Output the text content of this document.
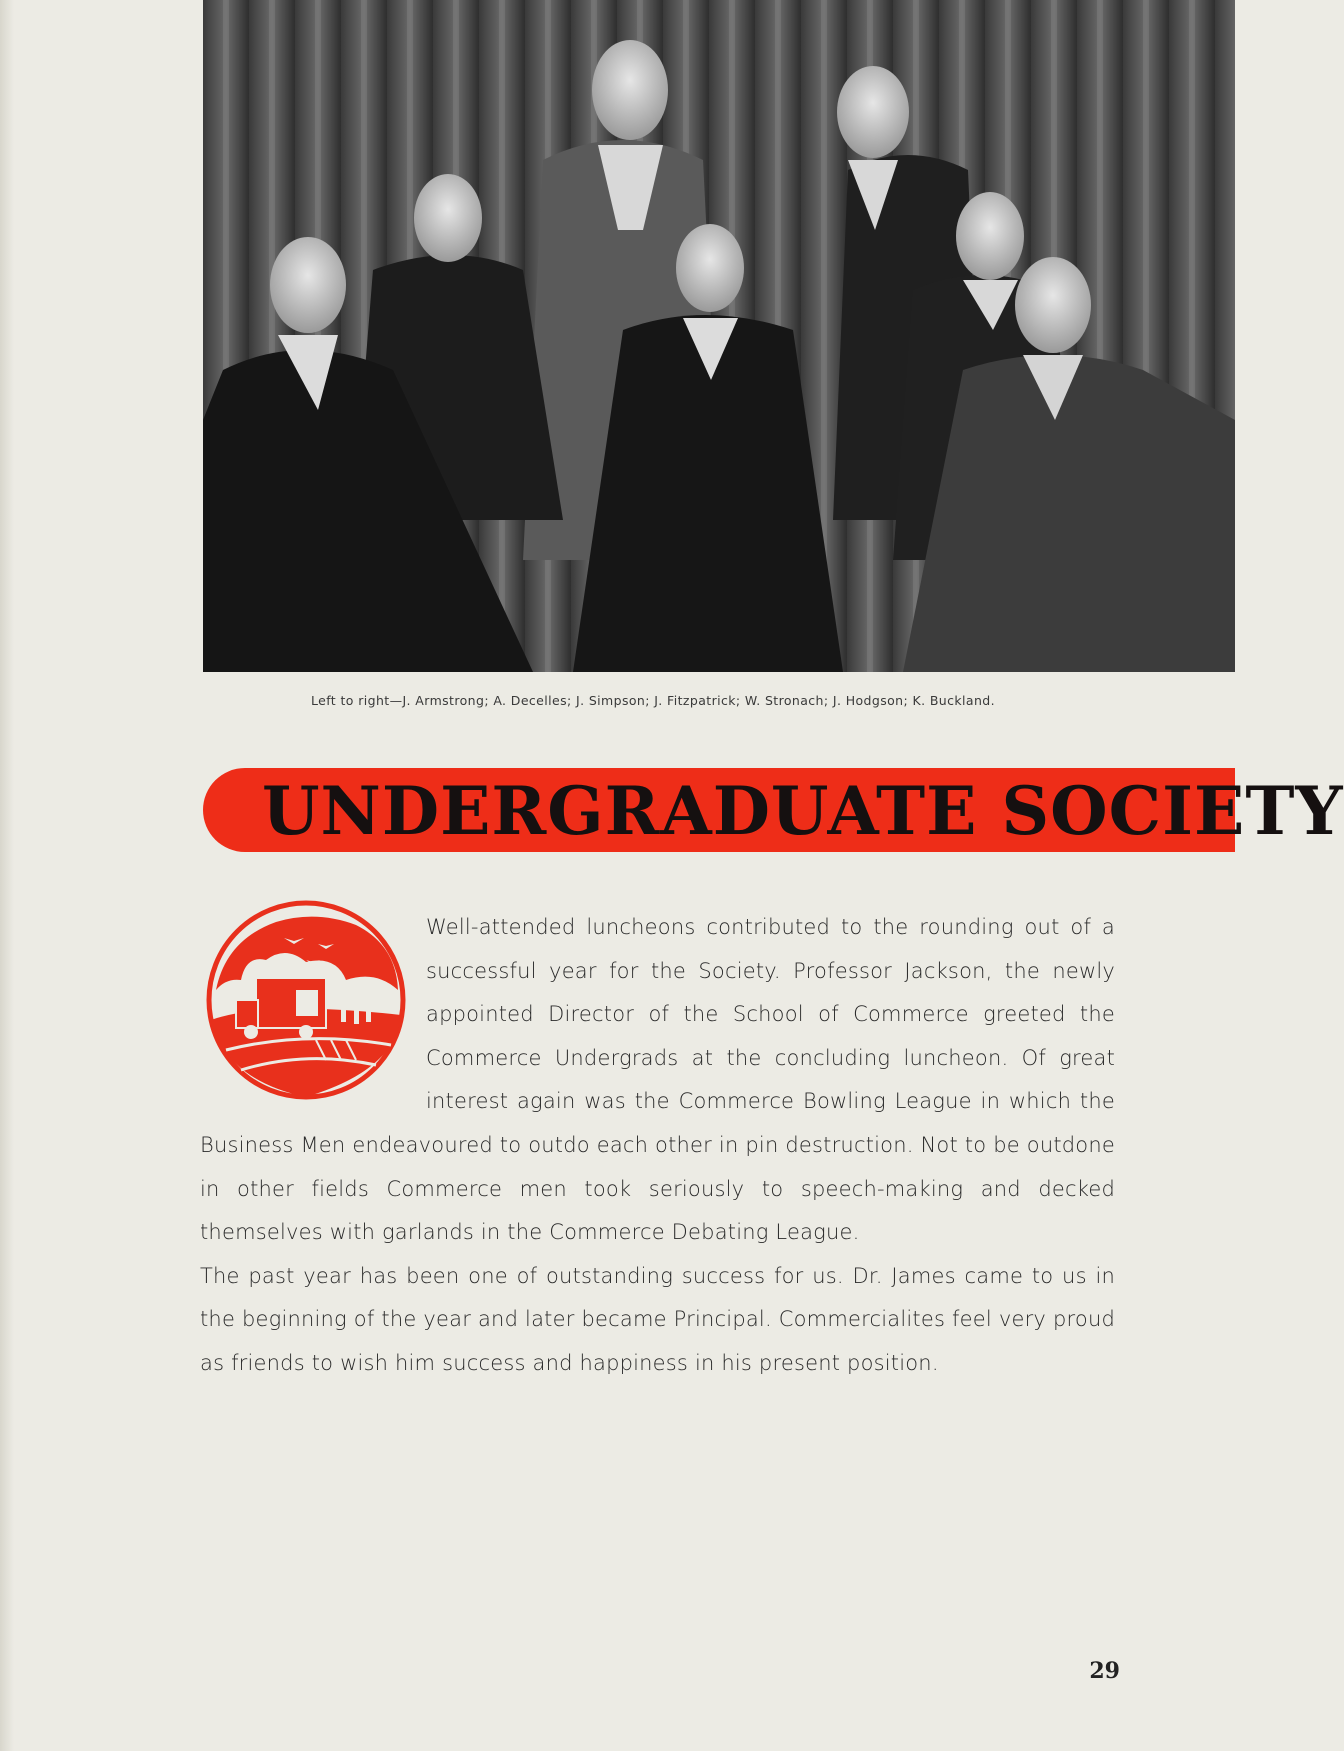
Left to right—J. Armstrong; A. Decelles; J. Simpson; J. Fitzpatrick; W. Stronach; J. Hodgson; K. Buckland.
UNDERGRADUATE SOCIETY

Well-attended luncheons contributed to the rounding out of a successful year for the Society. Professor Jackson, the newly appointed Director of the School of Commerce greeted the Commerce Undergrads at the concluding luncheon. Of great interest again was the Commerce Bowling League in which the Business Men endeavoured to outdo each other in pin destruction. Not to be outdone in other fields Commerce men took seriously to speech-making and decked themselves with garlands in the Commerce Debating League.

The past year has been one of outstanding success for us. Dr. James came to us in the beginning of the year and later became Principal. Commercialites feel very proud as friends to wish him success and happiness in his present position.

29
